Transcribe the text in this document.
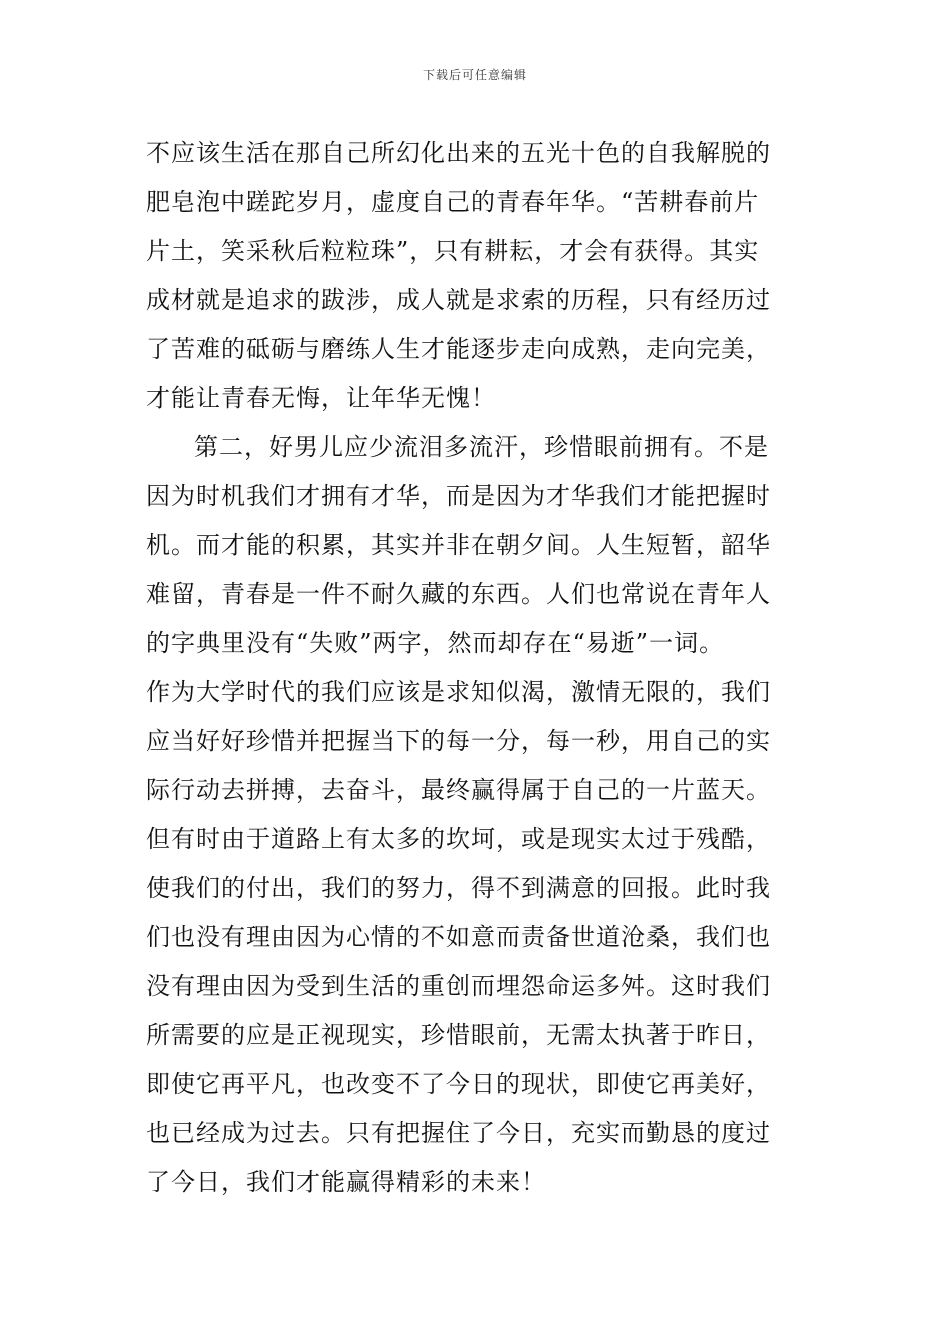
下载后可任意编辑
不应该生活在那自己所幻化出来的五光十色的自我解脱的
肥皂泡中蹉跎岁月，虚度自己的青春年华。“苦耕春前片
片土，笑采秋后粒粒珠”，只有耕耘，才会有获得。其实
成材就是追求的跋涉，成人就是求索的历程，只有经历过
了苦难的砥砺与磨练人生才能逐步走向成熟，走向完美，
才能让青春无悔，让年华无愧！
第二，好男儿应少流泪多流汗，珍惜眼前拥有。不是
因为时机我们才拥有才华，而是因为才华我们才能把握时
机。而才能的积累，其实并非在朝夕间。人生短暂，韶华
难留，青春是一件不耐久藏的东西。人们也常说在青年人
的字典里没有“失败”两字，然而却存在“易逝”一词。
作为大学时代的我们应该是求知似渴，激情无限的，我们
应当好好珍惜并把握当下的每一分，每一秒，用自己的实
际行动去拼搏，去奋斗，最终赢得属于自己的一片蓝天。
但有时由于道路上有太多的坎坷，或是现实太过于残酷，
使我们的付出，我们的努力，得不到满意的回报。此时我
们也没有理由因为心情的不如意而责备世道沧桑，我们也
没有理由因为受到生活的重创而埋怨命运多舛。这时我们
所需要的应是正视现实，珍惜眼前，无需太执著于昨日，
即使它再平凡，也改变不了今日的现状，即使它再美好，
也已经成为过去。只有把握住了今日，充实而勤恳的度过
了今日，我们才能赢得精彩的未来！
